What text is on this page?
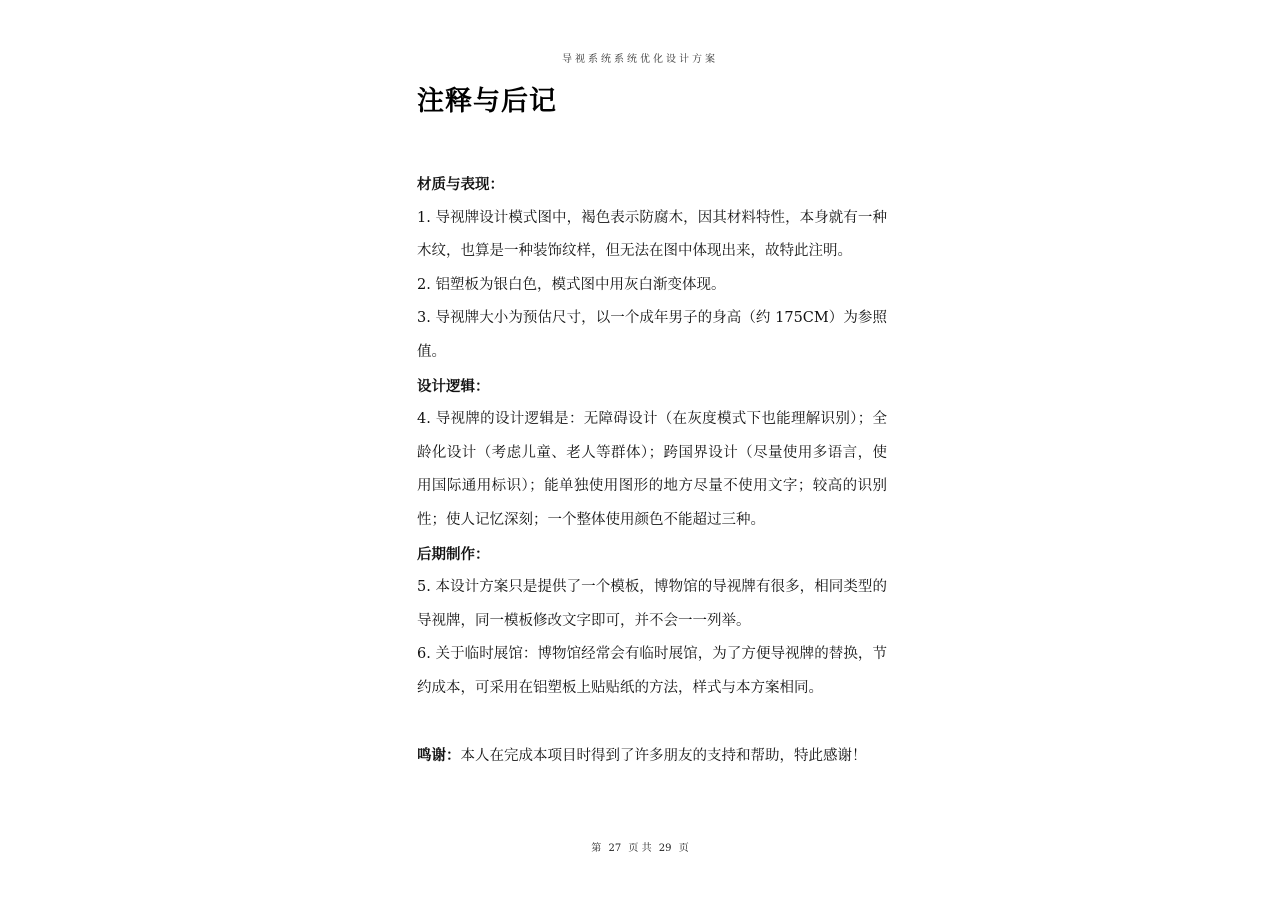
导视系统系统优化设计方案
注释与后记
材质与表现：
1. 导视牌设计模式图中，褐色表示防腐木，因其材料特性，本身就有一种木纹，也算是一种装饰纹样，但无法在图中体现出来，故特此注明。
2. 铝塑板为银白色，模式图中用灰白渐变体现。
3. 导视牌大小为预估尺寸，以一个成年男子的身高（约 175CM）为参照值。
设计逻辑：
4. 导视牌的设计逻辑是：无障碍设计（在灰度模式下也能理解识别）；全龄化设计（考虑儿童、老人等群体）；跨国界设计（尽量使用多语言，使用国际通用标识）；能单独使用图形的地方尽量不使用文字；较高的识别性；使人记忆深刻；一个整体使用颜色不能超过三种。
后期制作：
5. 本设计方案只是提供了一个模板，博物馆的导视牌有很多，相同类型的导视牌，同一模板修改文字即可，并不会一一列举。
6. 关于临时展馆：博物馆经常会有临时展馆，为了方便导视牌的替换，节约成本，可采用在铝塑板上贴贴纸的方法，样式与本方案相同。
鸣谢：本人在完成本项目时得到了许多朋友的支持和帮助，特此感谢！
第 27 页 共 29 页
